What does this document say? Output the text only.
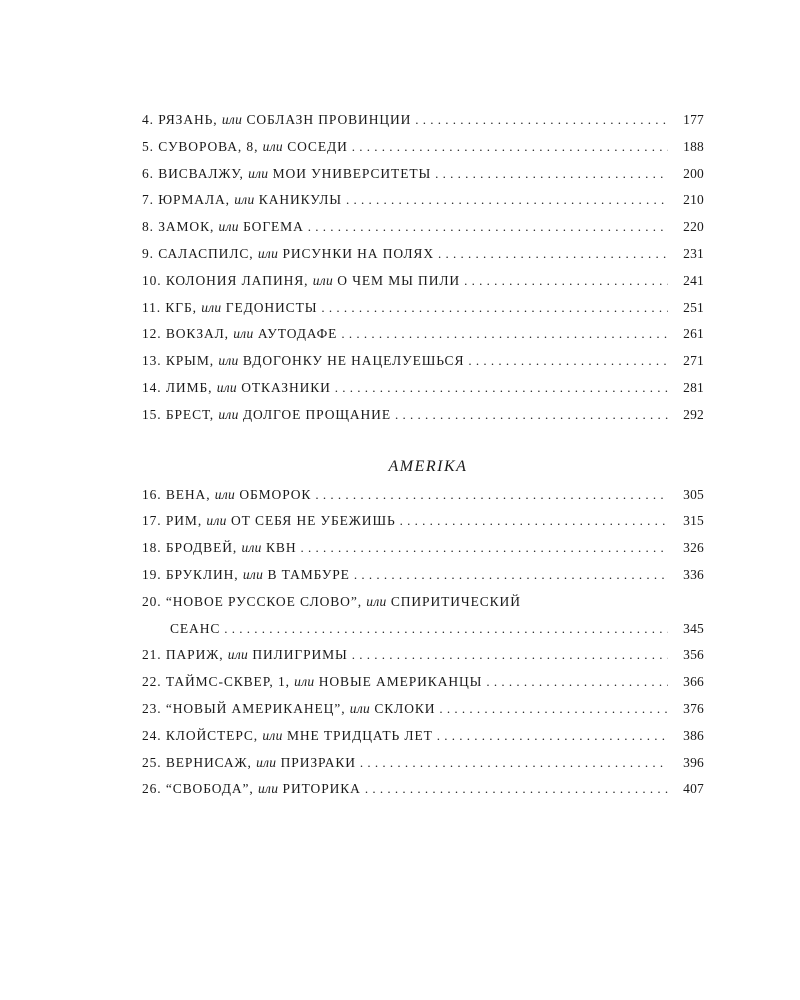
4. РЯЗАНЬ, или СОБЛАЗН ПРОВИНЦИИ . . .	177
5. СУВОРОВА, 8, или СОСЕДИ . . .	188
6. ВИСВАЛЖУ, или МОИ УНИВЕРСИТЕТЫ . . .	200
7. ЮРМАЛА, или КАНИКУЛЫ . . .	210
8. ЗАМОК, или БОГЕМА . . .	220
9. САЛАСПИЛС, или РИСУНКИ НА ПОЛЯХ . . .	231
10. КОЛОНИЯ ЛАПИНЯ, или О ЧЕМ МЫ ПИЛИ . . .	241
11. КГБ, или ГЕДОНИСТЫ . . .	251
12. ВОКЗАЛ, или АУТОДАФЕ . . .	261
13. КРЫМ, или ВДОГОНКУ НЕ НАЦЕЛУЕШЬСЯ . . .	271
14. ЛИМБ, или ОТКАЗНИКИ . . .	281
15. БРЕСТ, или ДОЛГОЕ ПРОЩАНИЕ . . .	292
AMERIKA
16. ВЕНА, или ОБМОРОК . . .	305
17. РИМ, или ОТ СЕБЯ НЕ УБЕЖИШЬ . . .	315
18. БРОДВЕЙ, или КВН . . .	326
19. БРУКЛИН, или В ТАМБУРЕ . . .	336
20. “НОВОЕ РУССКОЕ СЛОВО”, или СПИРИТИЧЕСКИЙ
СЕАНС . . .	345
21. ПАРИЖ, или ПИЛИГРИМЫ . . .	356
22. ТАЙМС-СКВЕР, 1, или НОВЫЕ АМЕРИКАНЦЫ . . .	366
23. “НОВЫЙ АМЕРИКАНЕЦ”, или СКЛОКИ . . .	376
24. КЛОЙСТЕРС, или МНЕ ТРИДЦАТЬ ЛЕТ . . .	386
25. ВЕРНИСАЖ, или ПРИЗРАКИ . . .	396
26. “СВОБОДА”, или РИТОРИКА . . .	407
